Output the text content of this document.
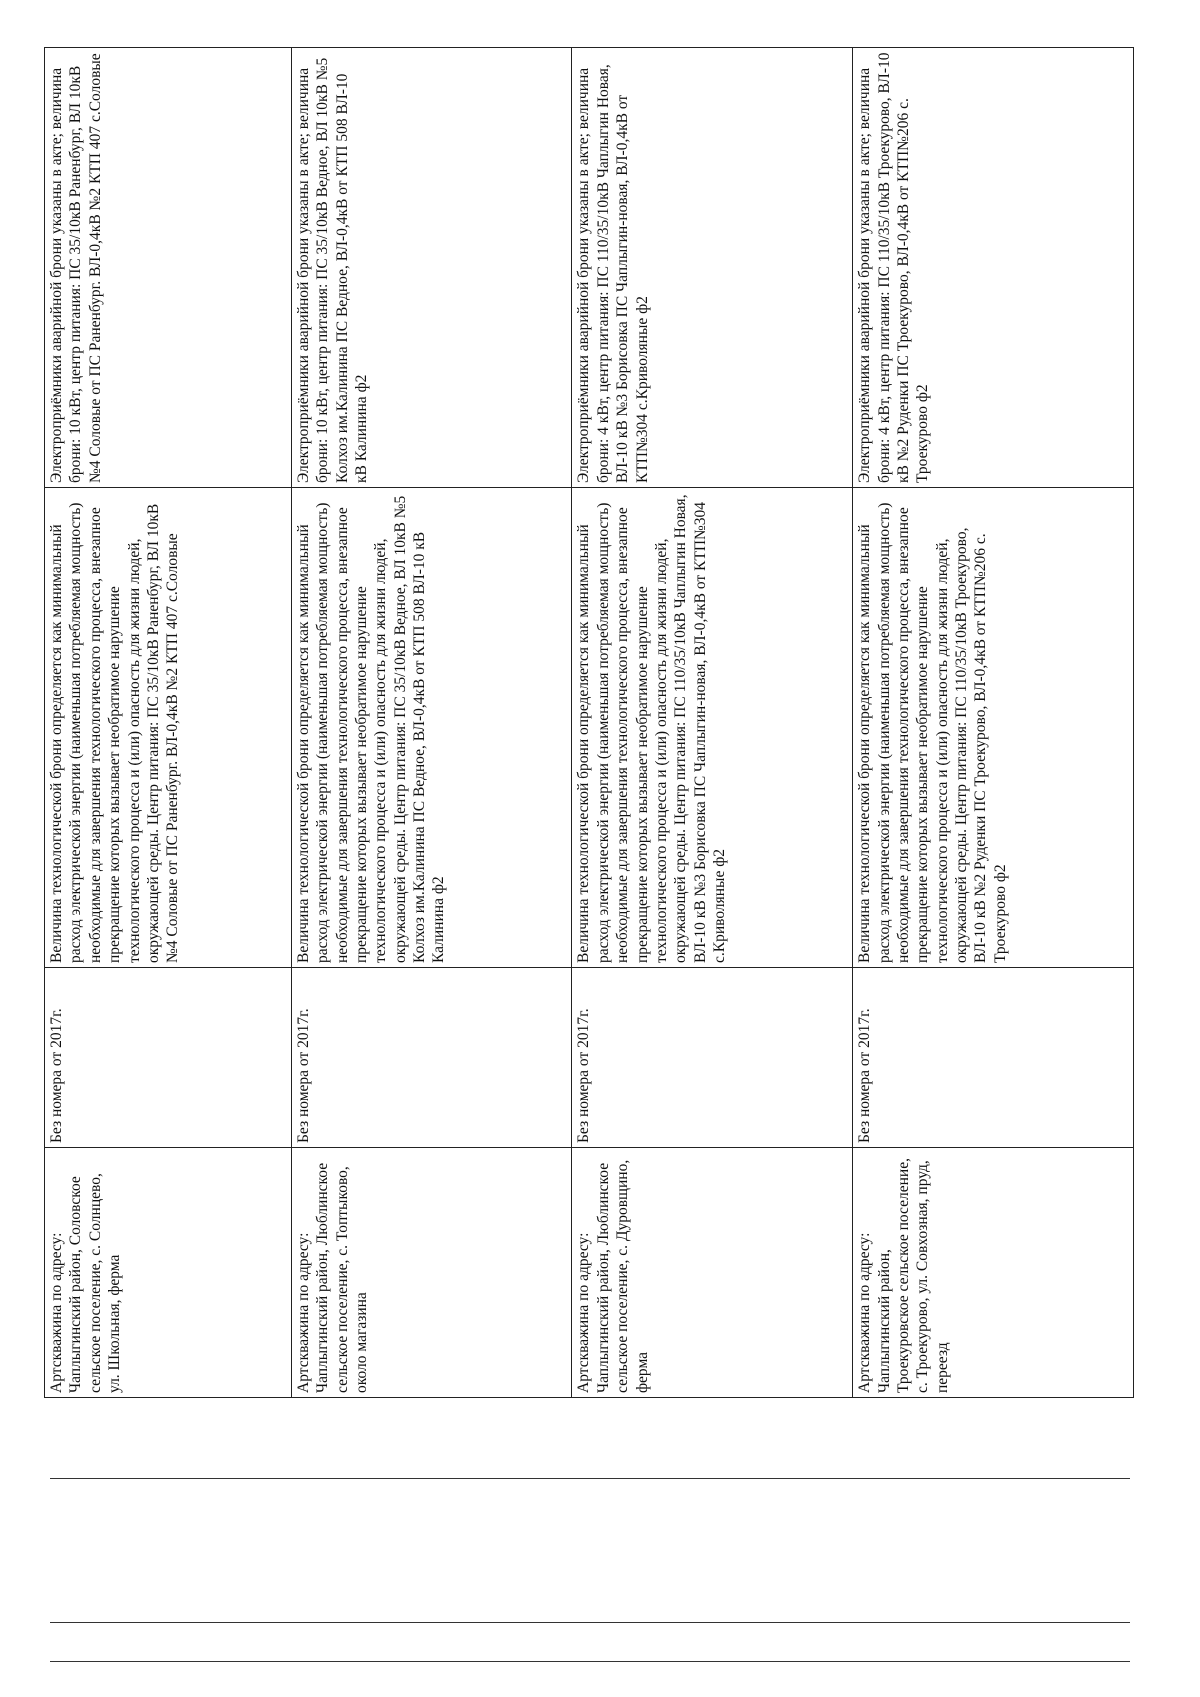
Артскважина по адресу: Чаплыгинский район, Соловское сельское поселение, с. Солнцево, ул. Школьная, ферма	Без номера от 2017г.	Величина технологической брони определяется как минимальный расход электрической энергии (наименьшая потребляемая мощность) необходимые для завершения технологического процесса, внезапное прекращение которых вызывает необратимое нарушение технологического процесса и (или) опасность для жизни людей, окружающей среды. Центр питания: ПС 35/10кВ Раненбург, ВЛ 10кВ №4 Соловые от ПС Раненбург. ВЛ-0,4кВ №2 КТП 407 с.Соловые	Электроприёмники аварийной брони указаны в акте; величина брони: 10 кВт, центр питания: ПС 35/10кВ Раненбург, ВЛ 10кВ №4 Соловые от ПС Раненбург. ВЛ-0,4кВ №2 КТП 407 с.Соловые
Артскважина по адресу: Чаплыгинский район, Люблинское сельское поселение, с. Топтыково, около магазина	Без номера от 2017г.	Величина технологической брони определяется как минимальный расход электрической энергии (наименьшая потребляемая мощность) необходимые для завершения технологического процесса, внезапное прекращение которых вызывает необратимое нарушение технологического процесса и (или) опасность для жизни людей, окружающей среды. Центр питания: ПС 35/10кВ Ведное, ВЛ 10кВ №5 Колхоз им.Калинина ПС Ведное, ВЛ-0,4кВ от КТП 508 ВЛ-10 кВ Калинина ф2	Электроприёмники аварийной брони указаны в акте; величина брони: 10 кВт, центр питания: ПС 35/10кВ Ведное, ВЛ 10кВ №5 Колхоз им.Калинина ПС Ведное, ВЛ-0,4кВ от КТП 508 ВЛ-10 кВ Калинина ф2
Артскважина по адресу: Чаплыгинский район, Люблинское сельское поселение, с. Дуровщино, ферма	Без номера от 2017г.	Величина технологической брони определяется как минимальный расход электрической энергии (наименьшая потребляемая мощность) необходимые для завершения технологического процесса, внезапное прекращение которых вызывает необратимое нарушение технологического процесса и (или) опасность для жизни людей, окружающей среды. Центр питания: ПС 110/35/10кВ Чаплыгин Новая, ВЛ-10 кВ №3 Борисовка ПС Чаплыгин-новая, ВЛ-0,4кВ от КТП№304 с.Криволяные ф2	Электроприёмники аварийной брони указаны в акте; величина брони: 4 кВт, центр питания: ПС 110/35/10кВ Чаплыгин Новая, ВЛ-10 кВ №3 Борисовка ПС Чаплыгин-новая, ВЛ-0,4кВ от КТП№304 с.Криволяные ф2
Артскважина по адресу: Чаплыгинский район, Троекуровское сельское поселение, с. Троекурово, ул. Совхозная, пруд, переезд	Без номера от 2017г.	Величина технологической брони определяется как минимальный расход электрической энергии (наименьшая потребляемая мощность) необходимые для завершения технологического процесса, внезапное прекращение которых вызывает необратимое нарушение технологического процесса и (или) опасность для жизни людей, окружающей среды. Центр питания: ПС 110/35/10кВ Троекурово, ВЛ-10 кВ №2 Руденки ПС Троекурово, ВЛ-0,4кВ от КТП№206 с. Троекурово ф2	Электроприёмники аварийной брони указаны в акте; величина брони: 4 кВт, центр питания: ПС 110/35/10кВ Троекурово, ВЛ-10 кВ №2 Руденки ПС Троекурово, ВЛ-0,4кВ от КТП№206 с. Троекурово ф2
